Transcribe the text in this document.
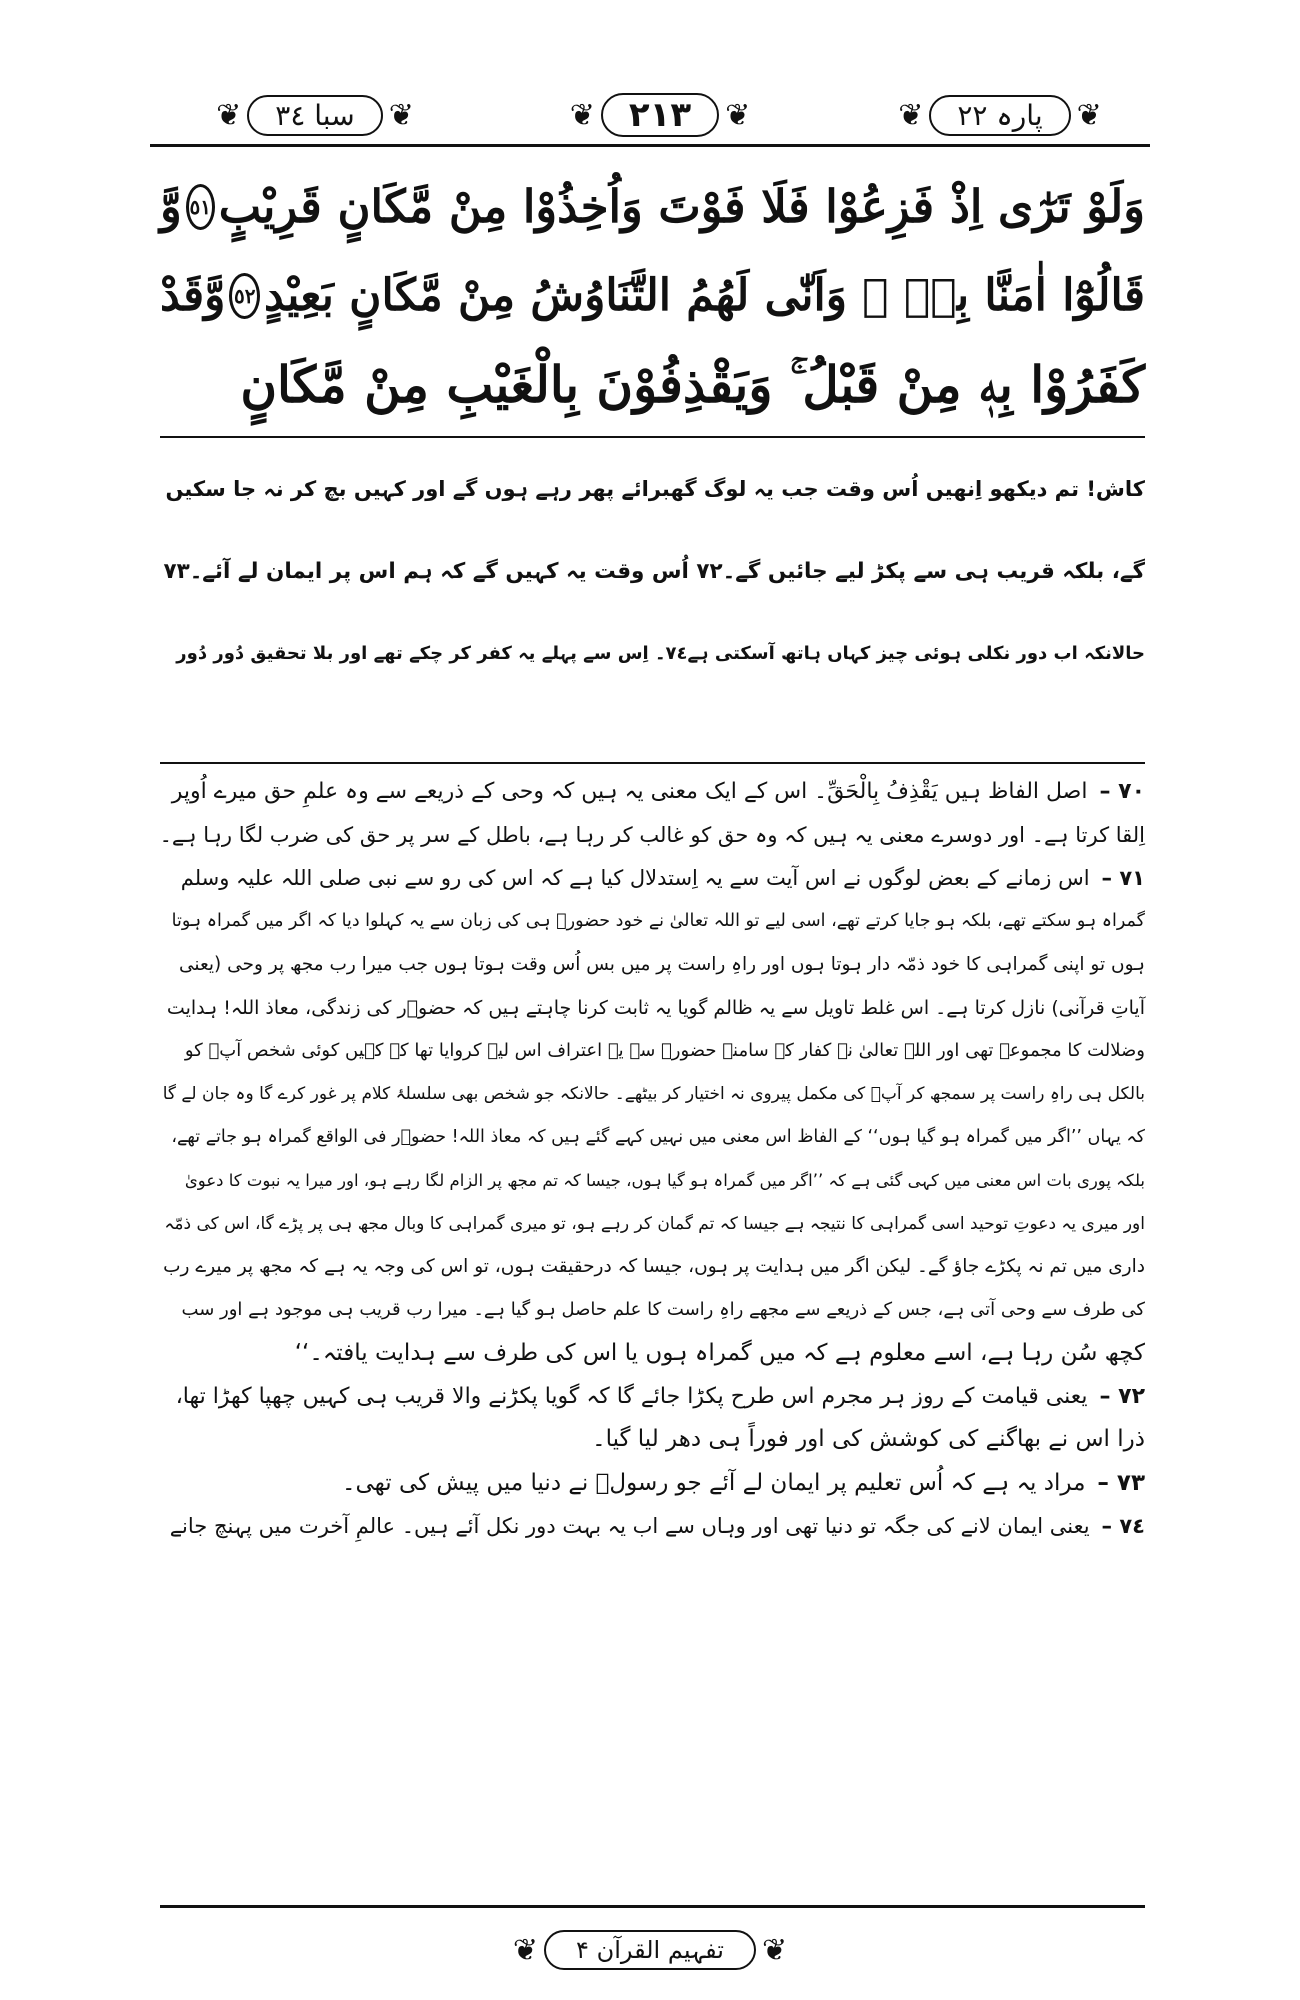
❦	سبا ٣٤	❦	❦	٢١٣	❦	❦	پارہ ٢٢	❦
وَلَوْ تَرٰٓى اِذْ فَزِعُوْا فَلَا فَوْتَ وَاُخِذُوْا مِنْ مَّكَانٍ قَرِيْبٍ
٥١
وَّ
قَالُوْٓا اٰمَنَّا بِهٖ ۚ وَاَنّٰى لَهُمُ التَّنَاوُشُ مِنْ مَّكَانٍ بَعِيْدٍ
٥٢
وَّقَدْ
كَفَرُوْا بِهٖ مِنْ قَبْلُ ۚ وَيَقْذِفُوْنَ بِالْغَيْبِ مِنْ مَّكَانٍ
کاش! تم دیکھو اِنھیں اُس وقت جب یہ لوگ گھبرائے پھر رہے ہوں گے اور کہیں بچ کر نہ جا سکیں
گے، بلکہ قریب ہی سے پکڑ لیے جائیں گے۔٧٢ اُس وقت یہ کہیں گے کہ ہم اس پر ایمان لے آئے۔٧٣
حالانکہ اب دور نکلی ہوئی چیز کہاں ہاتھ آسکتی ہے٧٤۔ اِس سے پہلے یہ کفر کر چکے تھے اور بلا تحقیق دُور دُور
٧٠ –
اصل الفاظ ہیں یَقْذِفُ بِالْحَقِّ۔ اس کے ایک معنی یہ ہیں کہ وحی کے ذریعے سے وہ علمِ حق میرے اُوپر
اِلقا کرتا ہے۔ اور دوسرے معنی یہ ہیں کہ وہ حق کو غالب کر رہا ہے، باطل کے سر پر حق کی ضرب لگا رہا ہے۔
٧١ –
اس زمانے کے بعض لوگوں نے اس آیت سے یہ اِستدلال کیا ہے کہ اس کی رو سے نبی صلی اللہ علیہ وسلم
گمراہ ہو سکتے تھے، بلکہ ہو جایا کرتے تھے، اسی لیے تو اللہ تعالیٰ نے خود حضورؐ ہی کی زبان سے یہ کہلوا دیا کہ اگر میں گمراہ ہوتا
ہوں تو اپنی گمراہی کا خود ذمّہ دار ہوتا ہوں اور راہِ راست پر میں بس اُس وقت ہوتا ہوں جب میرا رب مجھ پر وحی (یعنی
آیاتِ قرآنی) نازل کرتا ہے۔ اس غلط تاویل سے یہ ظالم گویا یہ ثابت کرنا چاہتے ہیں کہ حضوؐر کی زندگی، معاذ اللہ! ہدایت
وضلالت کا مجموعہ تھی اور اللہ تعالیٰ نے کفار کے سامنے حضورؐ سے یہ اعتراف اس لیے کروایا تھا کہ کہیں کوئی شخص آپؐ کو
بالکل ہی راہِ راست پر سمجھ کر آپؐ کی مکمل پیروی نہ اختیار کر بیٹھے۔ حالانکہ جو شخص بھی سلسلۂ کلام پر غور کرے گا وہ جان لے گا
کہ یہاں ’’اگر میں گمراہ ہو گیا ہوں‘‘ کے الفاظ اس معنی میں نہیں کہے گئے ہیں کہ معاذ اللہ! حضوؐر فی الواقع گمراہ ہو جاتے تھے،
بلکہ پوری بات اس معنی میں کہی گئی ہے کہ ’’اگر میں گمراہ ہو گیا ہوں، جیسا کہ تم مجھ پر الزام لگا رہے ہو، اور میرا یہ نبوت کا دعویٰ
اور میری یہ دعوتِ توحید اسی گمراہی کا نتیجہ ہے جیسا کہ تم گمان کر رہے ہو، تو میری گمراہی کا وبال مجھ ہی پر پڑے گا، اس کی ذمّہ
داری میں تم نہ پکڑے جاؤ گے۔ لیکن اگر میں ہدایت پر ہوں، جیسا کہ درحقیقت ہوں، تو اس کی وجہ یہ ہے کہ مجھ پر میرے رب
کی طرف سے وحی آتی ہے، جس کے ذریعے سے مجھے راہِ راست کا علم حاصل ہو گیا ہے۔ میرا رب قریب ہی موجود ہے اور سب
کچھ سُن رہا ہے، اسے معلوم ہے کہ میں گمراہ ہوں یا اس کی طرف سے ہدایت یافتہ۔‘‘
٧٢ –
یعنی قیامت کے روز ہر مجرم اس طرح پکڑا جائے گا کہ گویا پکڑنے والا قریب ہی کہیں چھپا کھڑا تھا،
ذرا اس نے بھاگنے کی کوشش کی اور فوراً ہی دھر لیا گیا۔
٧٣ –
مراد یہ ہے کہ اُس تعلیم پر ایمان لے آئے جو رسولؐ نے دنیا میں پیش کی تھی۔
٧٤ –
یعنی ایمان لانے کی جگہ تو دنیا تھی اور وہاں سے اب یہ بہت دور نکل آئے ہیں۔ عالمِ آخرت میں پہنچ جانے
❦	تفہیم القرآن ۴	❦
